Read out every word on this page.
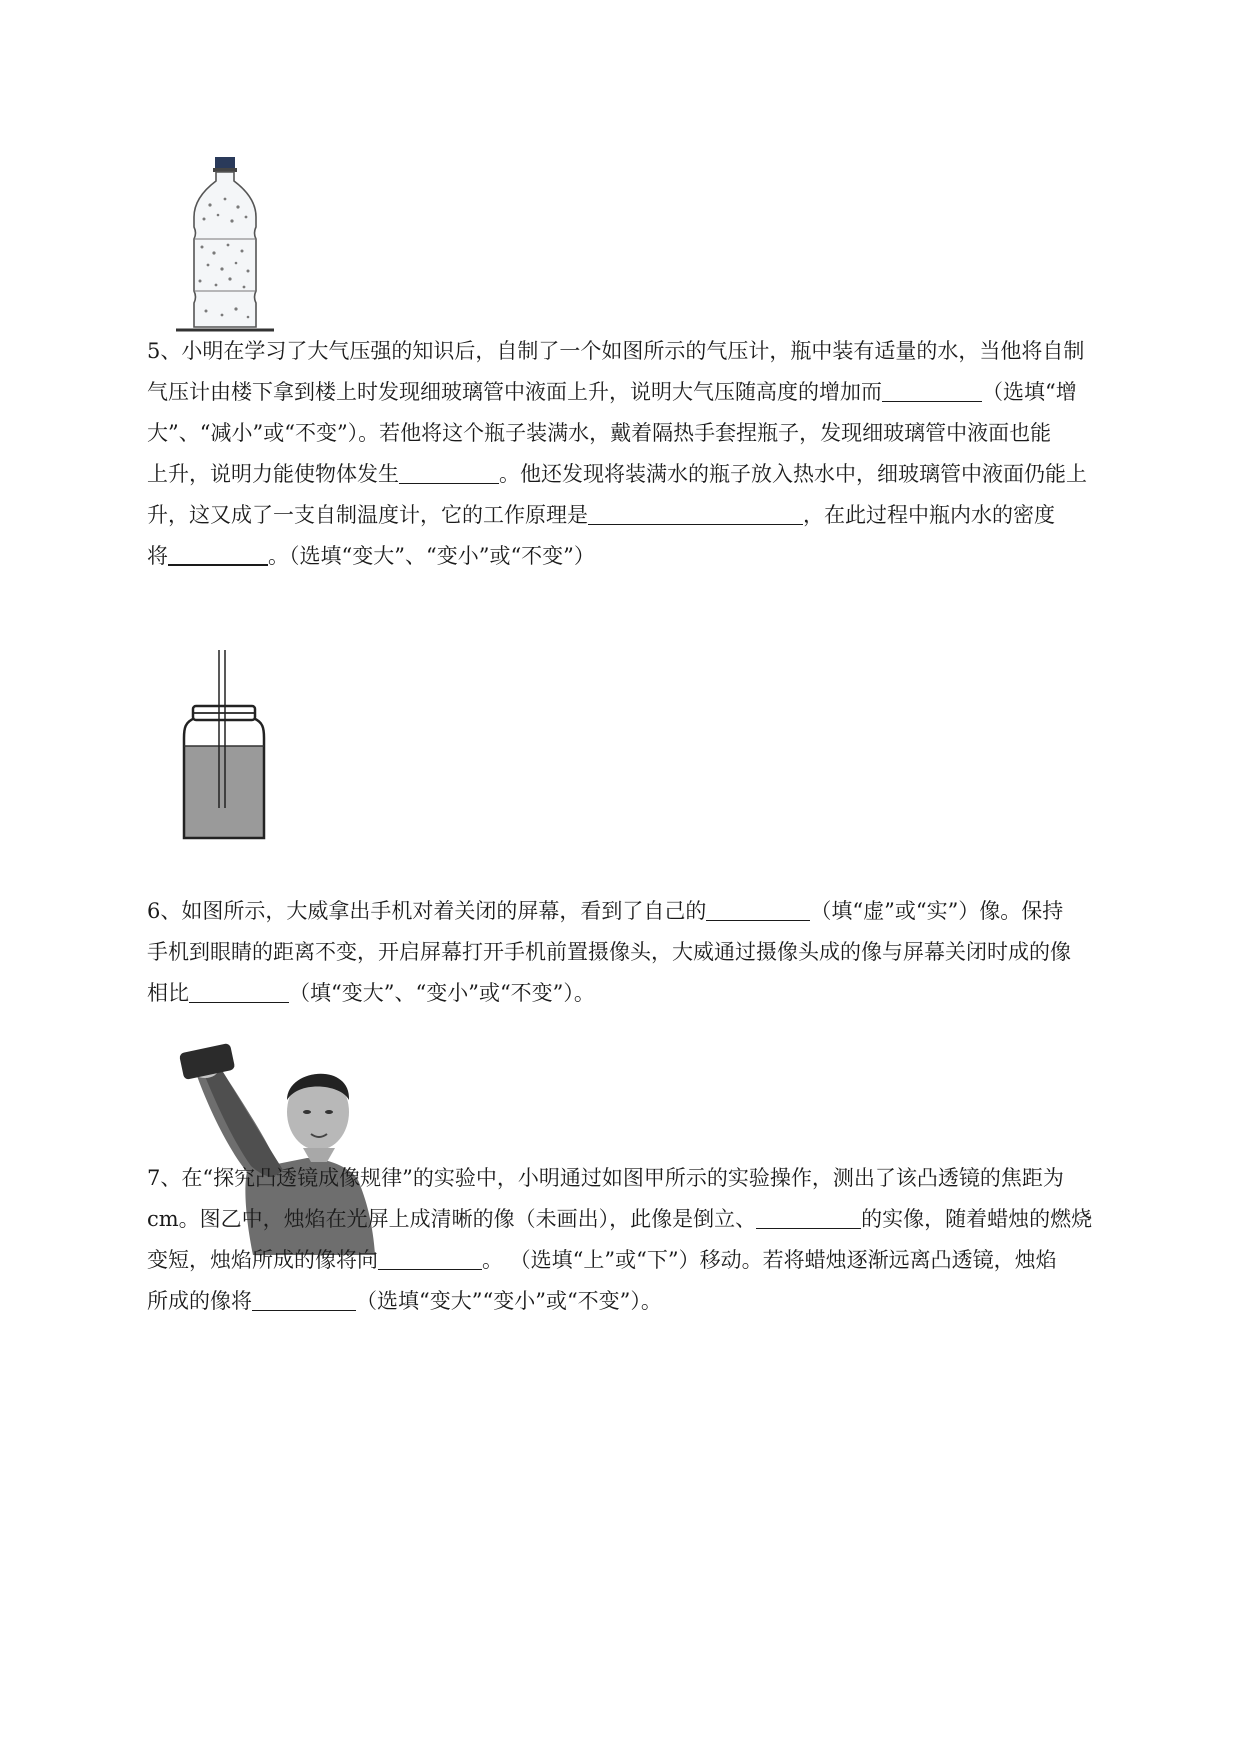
5、小明在学习了大气压强的知识后，自制了一个如图所示的气压计，瓶中装有适量的水，当他将自制
气压计由楼下拿到楼上时发现细玻璃管中液面上升，说明大气压随高度的增加而	（选填“增
大”、“减小”或“不变”）。若他将这个瓶子装满水，戴着隔热手套捏瓶子，发现细玻璃管中液面也能
上升，说明力能使物体发生	。他还发现将装满水的瓶子放入热水中，细玻璃管中液面仍能上
升，这又成了一支自制温度计，它的工作原理是	，在此过程中瓶内水的密度
将	。（选填“变大”、“变小”或“不变”）
6、如图所示，大威拿出手机对着关闭的屏幕，看到了自己的	（填“虚”或“实”）像。保持
手机到眼睛的距离不变，开启屏幕打开手机前置摄像头，大威通过摄像头成的像与屏幕关闭时成的像
相比	（填“变大”、“变小”或“不变”）。
7、在“探究凸透镜成像规律”的实验中，小明通过如图甲所示的实验操作，测出了该凸透镜的焦距为
cm。图乙中，烛焰在光屏上成清晰的像（未画出），此像是倒立、	的实像，随着蜡烛的燃烧
变短，烛焰所成的像将向	。 （选填“上”或“下”）移动。若将蜡烛逐渐远离凸透镜，烛焰
所成的像将	（选填“变大”“变小”或“不变”）。
